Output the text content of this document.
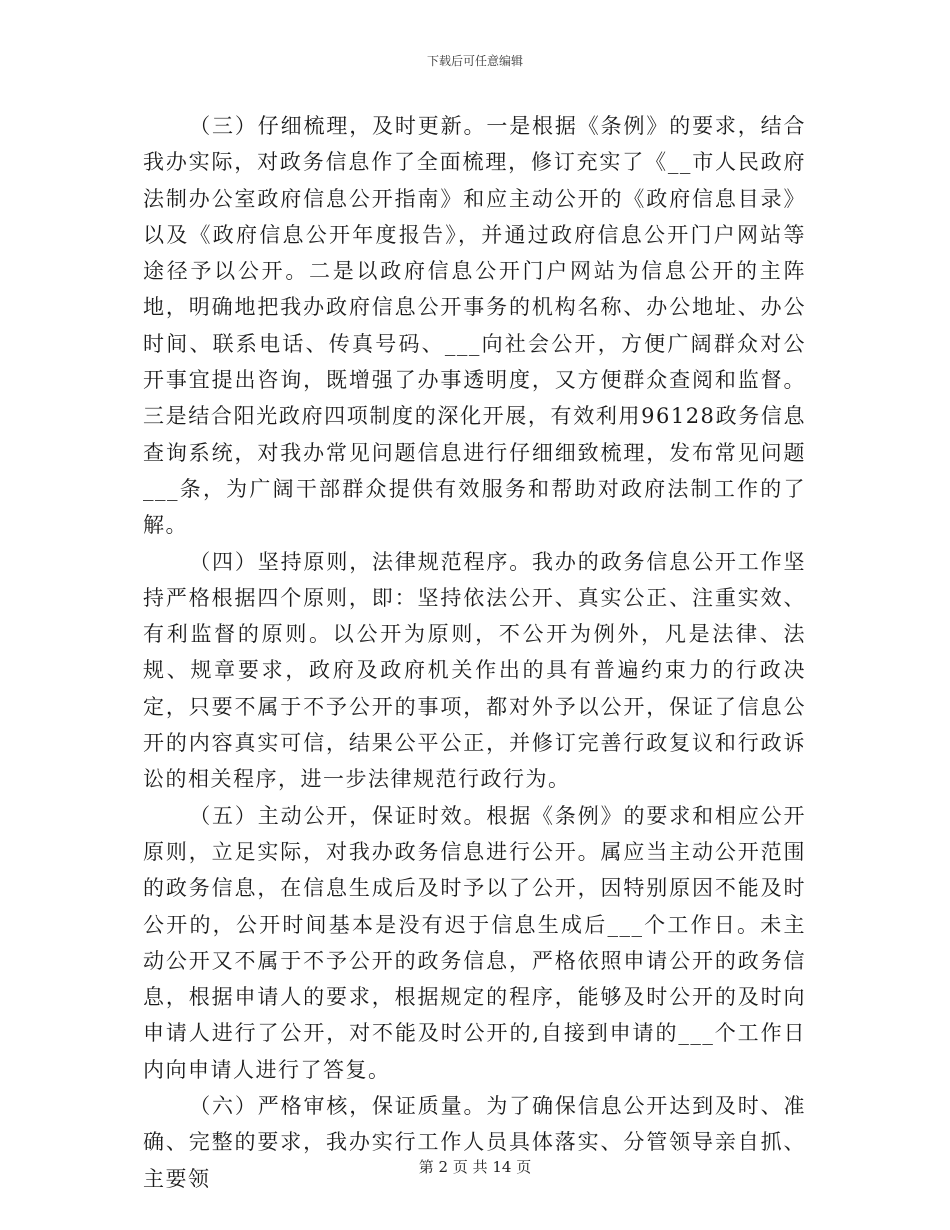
下载后可任意编辑

（三）仔细梳理，及时更新。一是根据《条例》的要求，结合我办实际，对政务信息作了全面梳理，修订充实了《__市人民政府法制办公室政府信息公开指南》和应主动公开的《政府信息目录》以及《政府信息公开年度报告》，并通过政府信息公开门户网站等途径予以公开。二是以政府信息公开门户网站为信息公开的主阵地，明确地把我办政府信息公开事务的机构名称、办公地址、办公时间、联系电话、传真号码、___向社会公开，方便广阔群众对公开事宜提出咨询，既增强了办事透明度，又方便群众查阅和监督。三是结合阳光政府四项制度的深化开展，有效利用96128政务信息查询系统，对我办常见问题信息进行仔细细致梳理，发布常见问题___条，为广阔干部群众提供有效服务和帮助对政府法制工作的了解。

（四）坚持原则，法律规范程序。我办的政务信息公开工作坚持严格根据四个原则，即：坚持依法公开、真实公正、注重实效、有利监督的原则。以公开为原则，不公开为例外，凡是法律、法规、规章要求，政府及政府机关作出的具有普遍约束力的行政决定，只要不属于不予公开的事项，都对外予以公开，保证了信息公开的内容真实可信，结果公平公正，并修订完善行政复议和行政诉讼的相关程序，进一步法律规范行政行为。

（五）主动公开，保证时效。根据《条例》的要求和相应公开原则，立足实际，对我办政务信息进行公开。属应当主动公开范围的政务信息，在信息生成后及时予以了公开，因特别原因不能及时公开的，公开时间基本是没有迟于信息生成后___个工作日。未主动公开又不属于不予公开的政务信息，严格依照申请公开的政务信息，根据申请人的要求，根据规定的程序，能够及时公开的及时向申请人进行了公开，对不能及时公开的,自接到申请的___个工作日内向申请人进行了答复。

（六）严格审核，保证质量。为了确保信息公开达到及时、准确、完整的要求，我办实行工作人员具体落实、分管领导亲自抓、主要领	第 2 页 共 14 页
